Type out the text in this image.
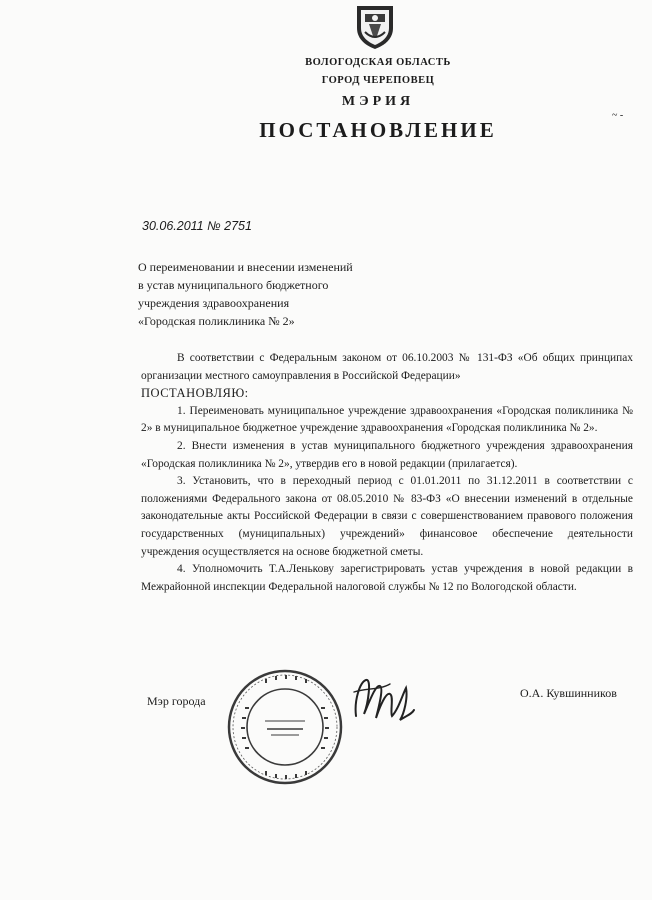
ВОЛОГОДСКАЯ ОБЛАСТЬ
ГОРОД ЧЕРЕПОВЕЦ
МЭРИЯ
ПОСТАНОВЛЕНИЕ
~ -
30.06.2011 № 2751
О переименовании и внесении изменений
в устав муниципального бюджетного
учреждения здравоохранения
«Городская поликлиника № 2»

В соответствии с Федеральным законом от 06.10.2003 № 131-ФЗ «Об общих принципах организации местного самоуправления в Российской Федерации»

ПОСТАНОВЛЯЮ:

1. Переименовать муниципальное учреждение здравоохранения «Городская поликлиника № 2» в муниципальное бюджетное учреждение здравоохранения «Городская поликлиника № 2».

2. Внести изменения в устав муниципального бюджетного учреждения здравоохранения «Городская поликлиника № 2», утвердив его в новой редакции (прилагается).

3. Установить, что в переходный период с 01.01.2011 по 31.12.2011 в соответствии с положениями Федерального закона от 08.05.2010 № 83-ФЗ «О внесении изменений в отдельные законодательные акты Российской Федерации в связи с совершенствованием правового положения государственных (муниципальных) учреждений» финансовое обеспечение деятельности учреждения осуществляется на основе бюджетной сметы.

4. Уполномочить Т.А.Ленькову зарегистрировать устав учреждения в новой редакции в Межрайонной инспекции Федеральной налоговой службы № 12 по Вологодской области.

Мэр города
О.А. Кувшинников
